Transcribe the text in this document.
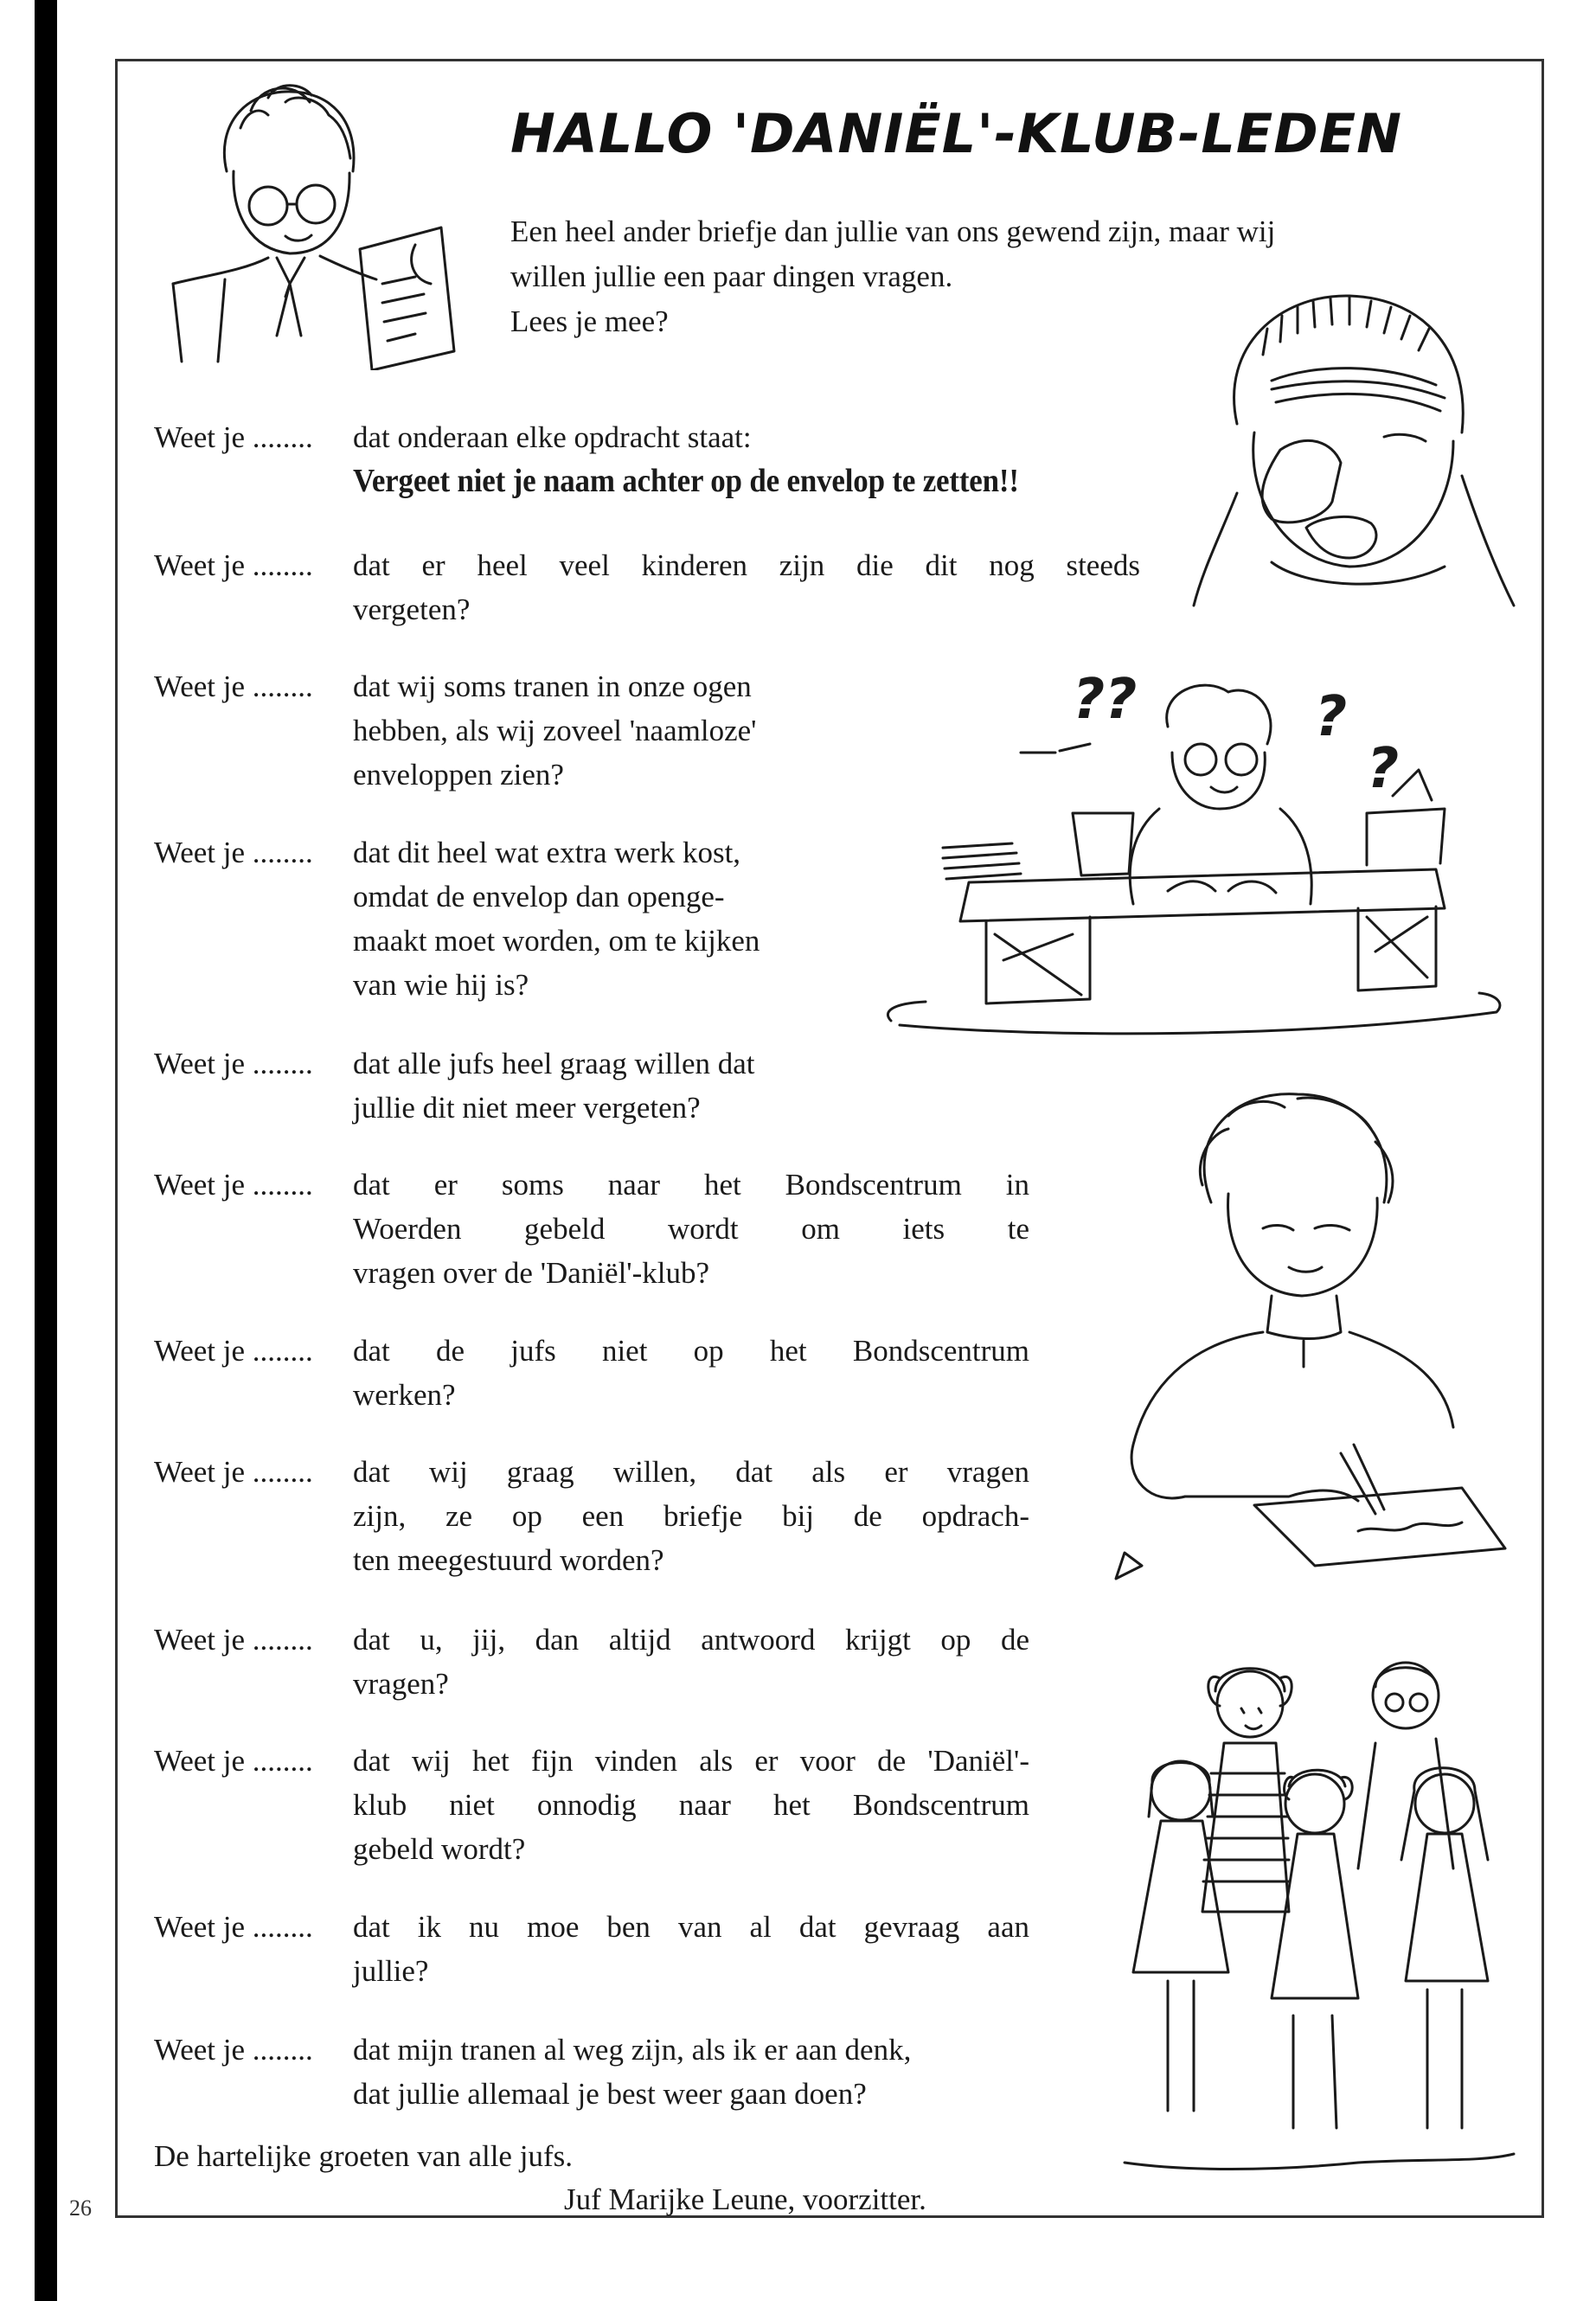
26
HALLO 'DANIËL'-KLUB-LEDEN

Een heel ander briefje dan jullie van ons gewend zijn, maar wij

willen jullie een paar dingen vragen.

Lees je mee?

Weet je ........ dat onderaan elke opdracht staat:
Vergeet niet je naam achter op de envelop te zetten!!
Weet je ........ dat er heel veel kinderen zijn die dit nog steeds
vergeten?
Weet je ........ dat wij soms tranen in onze ogen
hebben, als wij zoveel 'naamloze'
enveloppen zien?
Weet je ........ dat dit heel wat extra werk kost,
omdat de envelop dan openge-
maakt moet worden, om te kijken
van wie hij is?
Weet je ........ dat alle jufs heel graag willen dat
jullie dit niet meer vergeten?
Weet je ........ dat er soms naar het Bondscentrum in
Woerden gebeld wordt om iets te
vragen over de 'Daniël'-klub?
Weet je ........ dat de jufs niet op het Bondscentrum
werken?
Weet je ........ dat wij graag willen, dat als er vragen
zijn, ze op een briefje bij de opdrach-
ten meegestuurd worden?
Weet je ........ dat u, jij, dan altijd antwoord krijgt op de
vragen?
Weet je ........ dat wij het fijn vinden als er voor de 'Daniël'-
klub niet onnodig naar het Bondscentrum
gebeld wordt?
Weet je ........ dat ik nu moe ben van al dat gevraag aan
jullie?
Weet je ........ dat mijn tranen al weg zijn, als ik er aan denk,
dat jullie allemaal je best weer gaan doen?
De hartelijke groeten van alle jufs.
Juf Marijke Leune, voorzitter.
??	?
?
